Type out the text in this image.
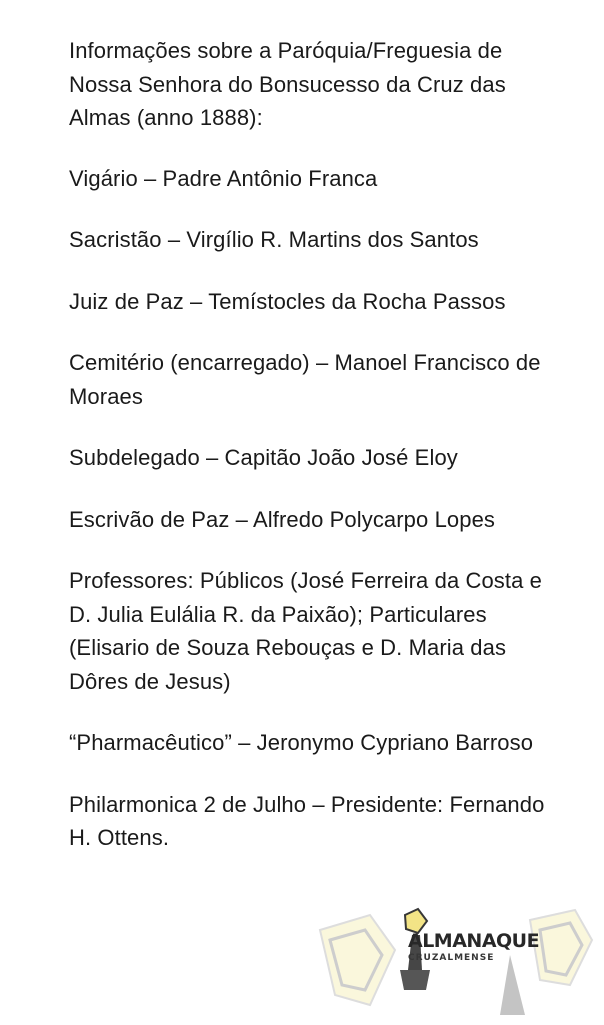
Informações sobre a Paróquia/Freguesia de Nossa Senhora do Bonsucesso da Cruz das Almas (anno 1888):

Vigário – Padre Antônio Franca

Sacristão – Virgílio R. Martins dos Santos

Juiz de Paz – Temístocles da Rocha Passos

Cemitério (encarregado) – Manoel Francisco de Moraes

Subdelegado – Capitão João José Eloy

Escrivão de Paz – Alfredo Polycarpo Lopes

Professores: Públicos (José Ferreira da Costa e D. Julia Eulália R. da Paixão); Particulares (Elisario de Souza Rebouças e D. Maria das Dôres de Jesus)

“Pharmacêutico” – Jeronymo Cypriano Barroso

Philarmonica 2 de Julho – Presidente: Fernando H. Ottens.

ALMANAQUE
CRUZALMENSE
